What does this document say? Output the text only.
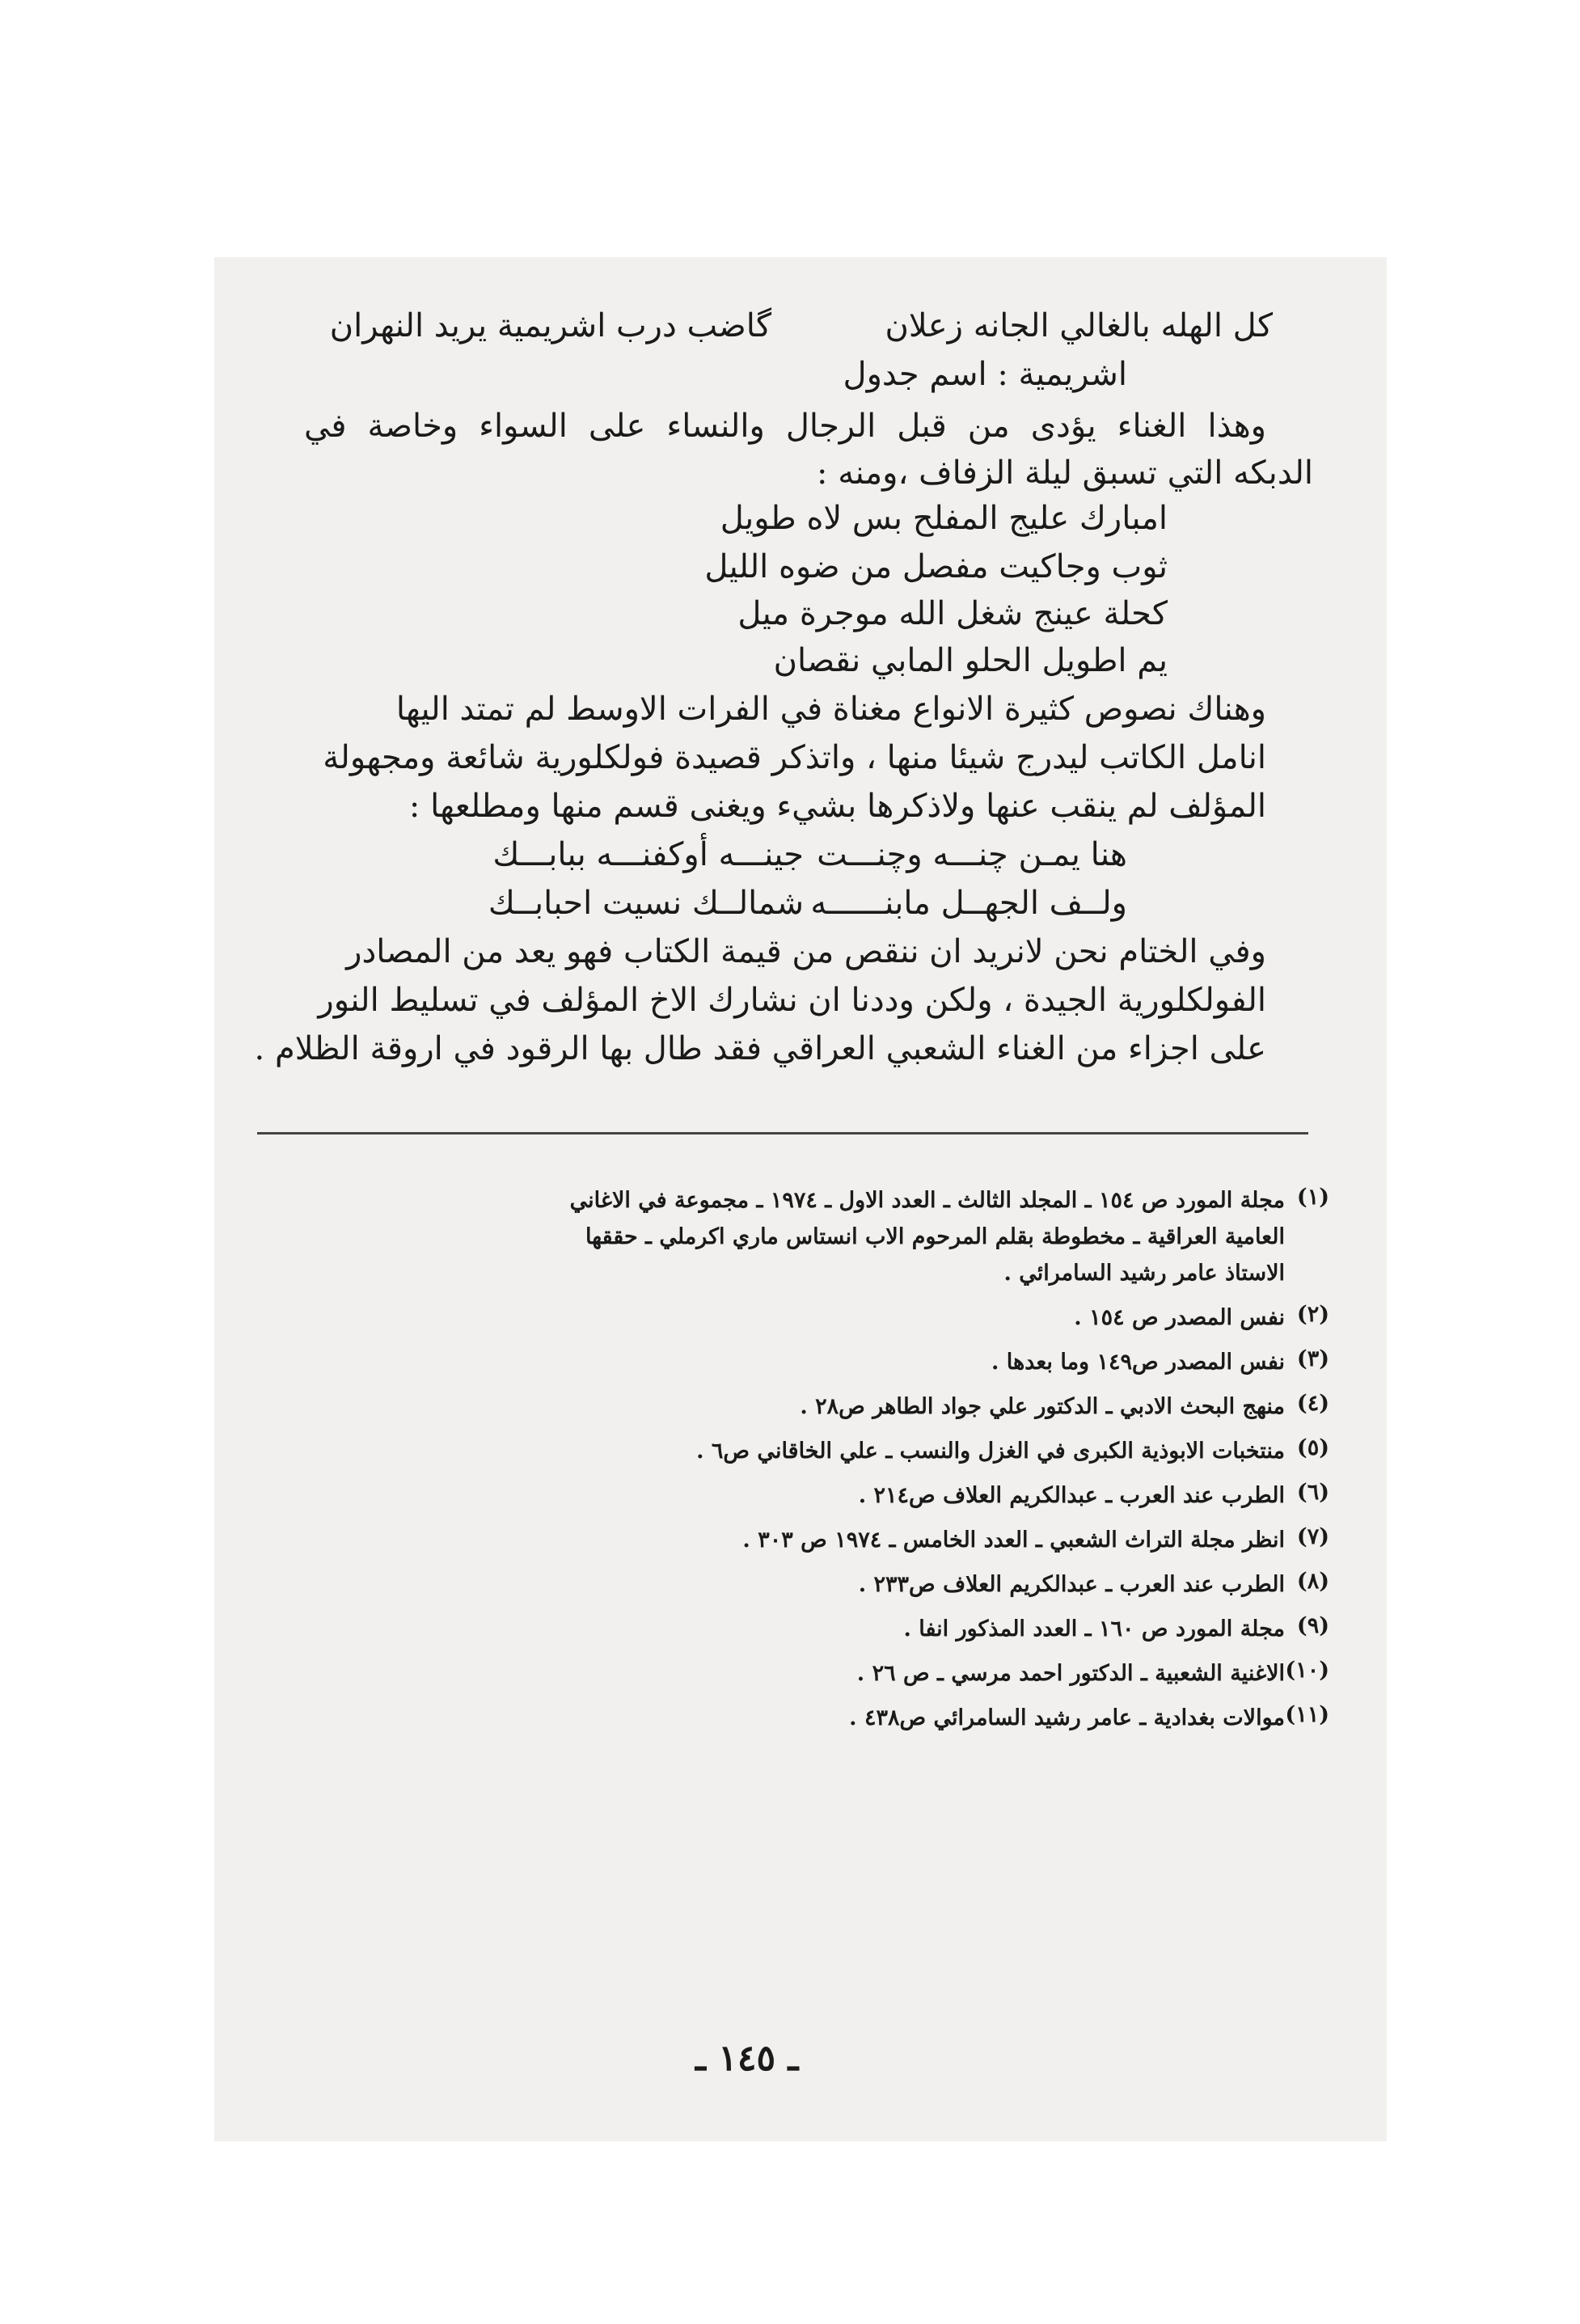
كل الهله بالغالي الجانه زعلان
گاضب درب اشريمية يريد النهران
اشريمية : اسم جدول
وهذا الغناء يؤدى من قبل الرجال والنساء على السواء وخاصة في
الدبكه التي تسبق ليلة الزفاف ،ومنه :
امبارك عليج المفلح بس لاه طويل
ثوب وجاكيت مفصل من ضوه الليل
كحلة عينج شغل الله موجرة ميل
يم اطويل الحلو المابي نقصان
وهناك نصوص كثيرة الانواع مغناة في الفرات الاوسط لم تمتد اليها
انامل الكاتب ليدرج شيئا منها ، واتذكر قصيدة فولكلورية شائعة ومجهولة
المؤلف لم ينقب عنها ولاذكرها بشيء ويغنى قسم منها ومطلعها :
هنا يمـن چنـــه وچنـــت
جينـــه أوكفنـــه ببابـــك
ولــف الجهــل مابنــــــه
شمالــك نسيت احبابــك
وفي الختام نحن لانريد ان ننقص من قيمة الكتاب فهو يعد من المصادر
الفولكلورية الجيدة ، ولكن وددنا ان نشارك الاخ المؤلف في تسليط النور
على اجزاء من الغناء الشعبي العراقي فقد طال بها الرقود في اروقة الظلام .
(١)
مجلة المورد ص ١٥٤ ـ المجلد الثالث ـ العدد الاول ـ ١٩٧٤ ـ مجموعة في الاغاني
العامية العراقية ـ مخطوطة بقلم المرحوم الاب انستاس ماري اكرملي ـ حققها
الاستاذ عامر رشيد السامرائي .
(٢)
نفس المصدر ص ١٥٤ .
(٣)
نفس المصدر ص١٤٩ وما بعدها .
(٤)
منهج البحث الادبي ـ الدكتور علي جواد الطاهر ص٢٨ .
(٥)
منتخبات الابوذية الكبرى في الغزل والنسب ـ علي الخاقاني ص٦ .
(٦)
الطرب عند العرب ـ عبدالكريم العلاف ص٢١٤ .
(٧)
انظر مجلة التراث الشعبي ـ العدد الخامس ـ ١٩٧٤ ص ٣٠٣ .
(٨)
الطرب عند العرب ـ عبدالكريم العلاف ص٢٣٣ .
(٩)
مجلة المورد ص ١٦٠ ـ العدد المذكور انفا .
(١٠)
الاغنية الشعبية ـ الدكتور احمد مرسي ـ ص ٢٦ .
(١١)
موالات بغدادية ـ عامر رشيد السامرائي ص٤٣٨ .
ـ ١٤٥ ـ
